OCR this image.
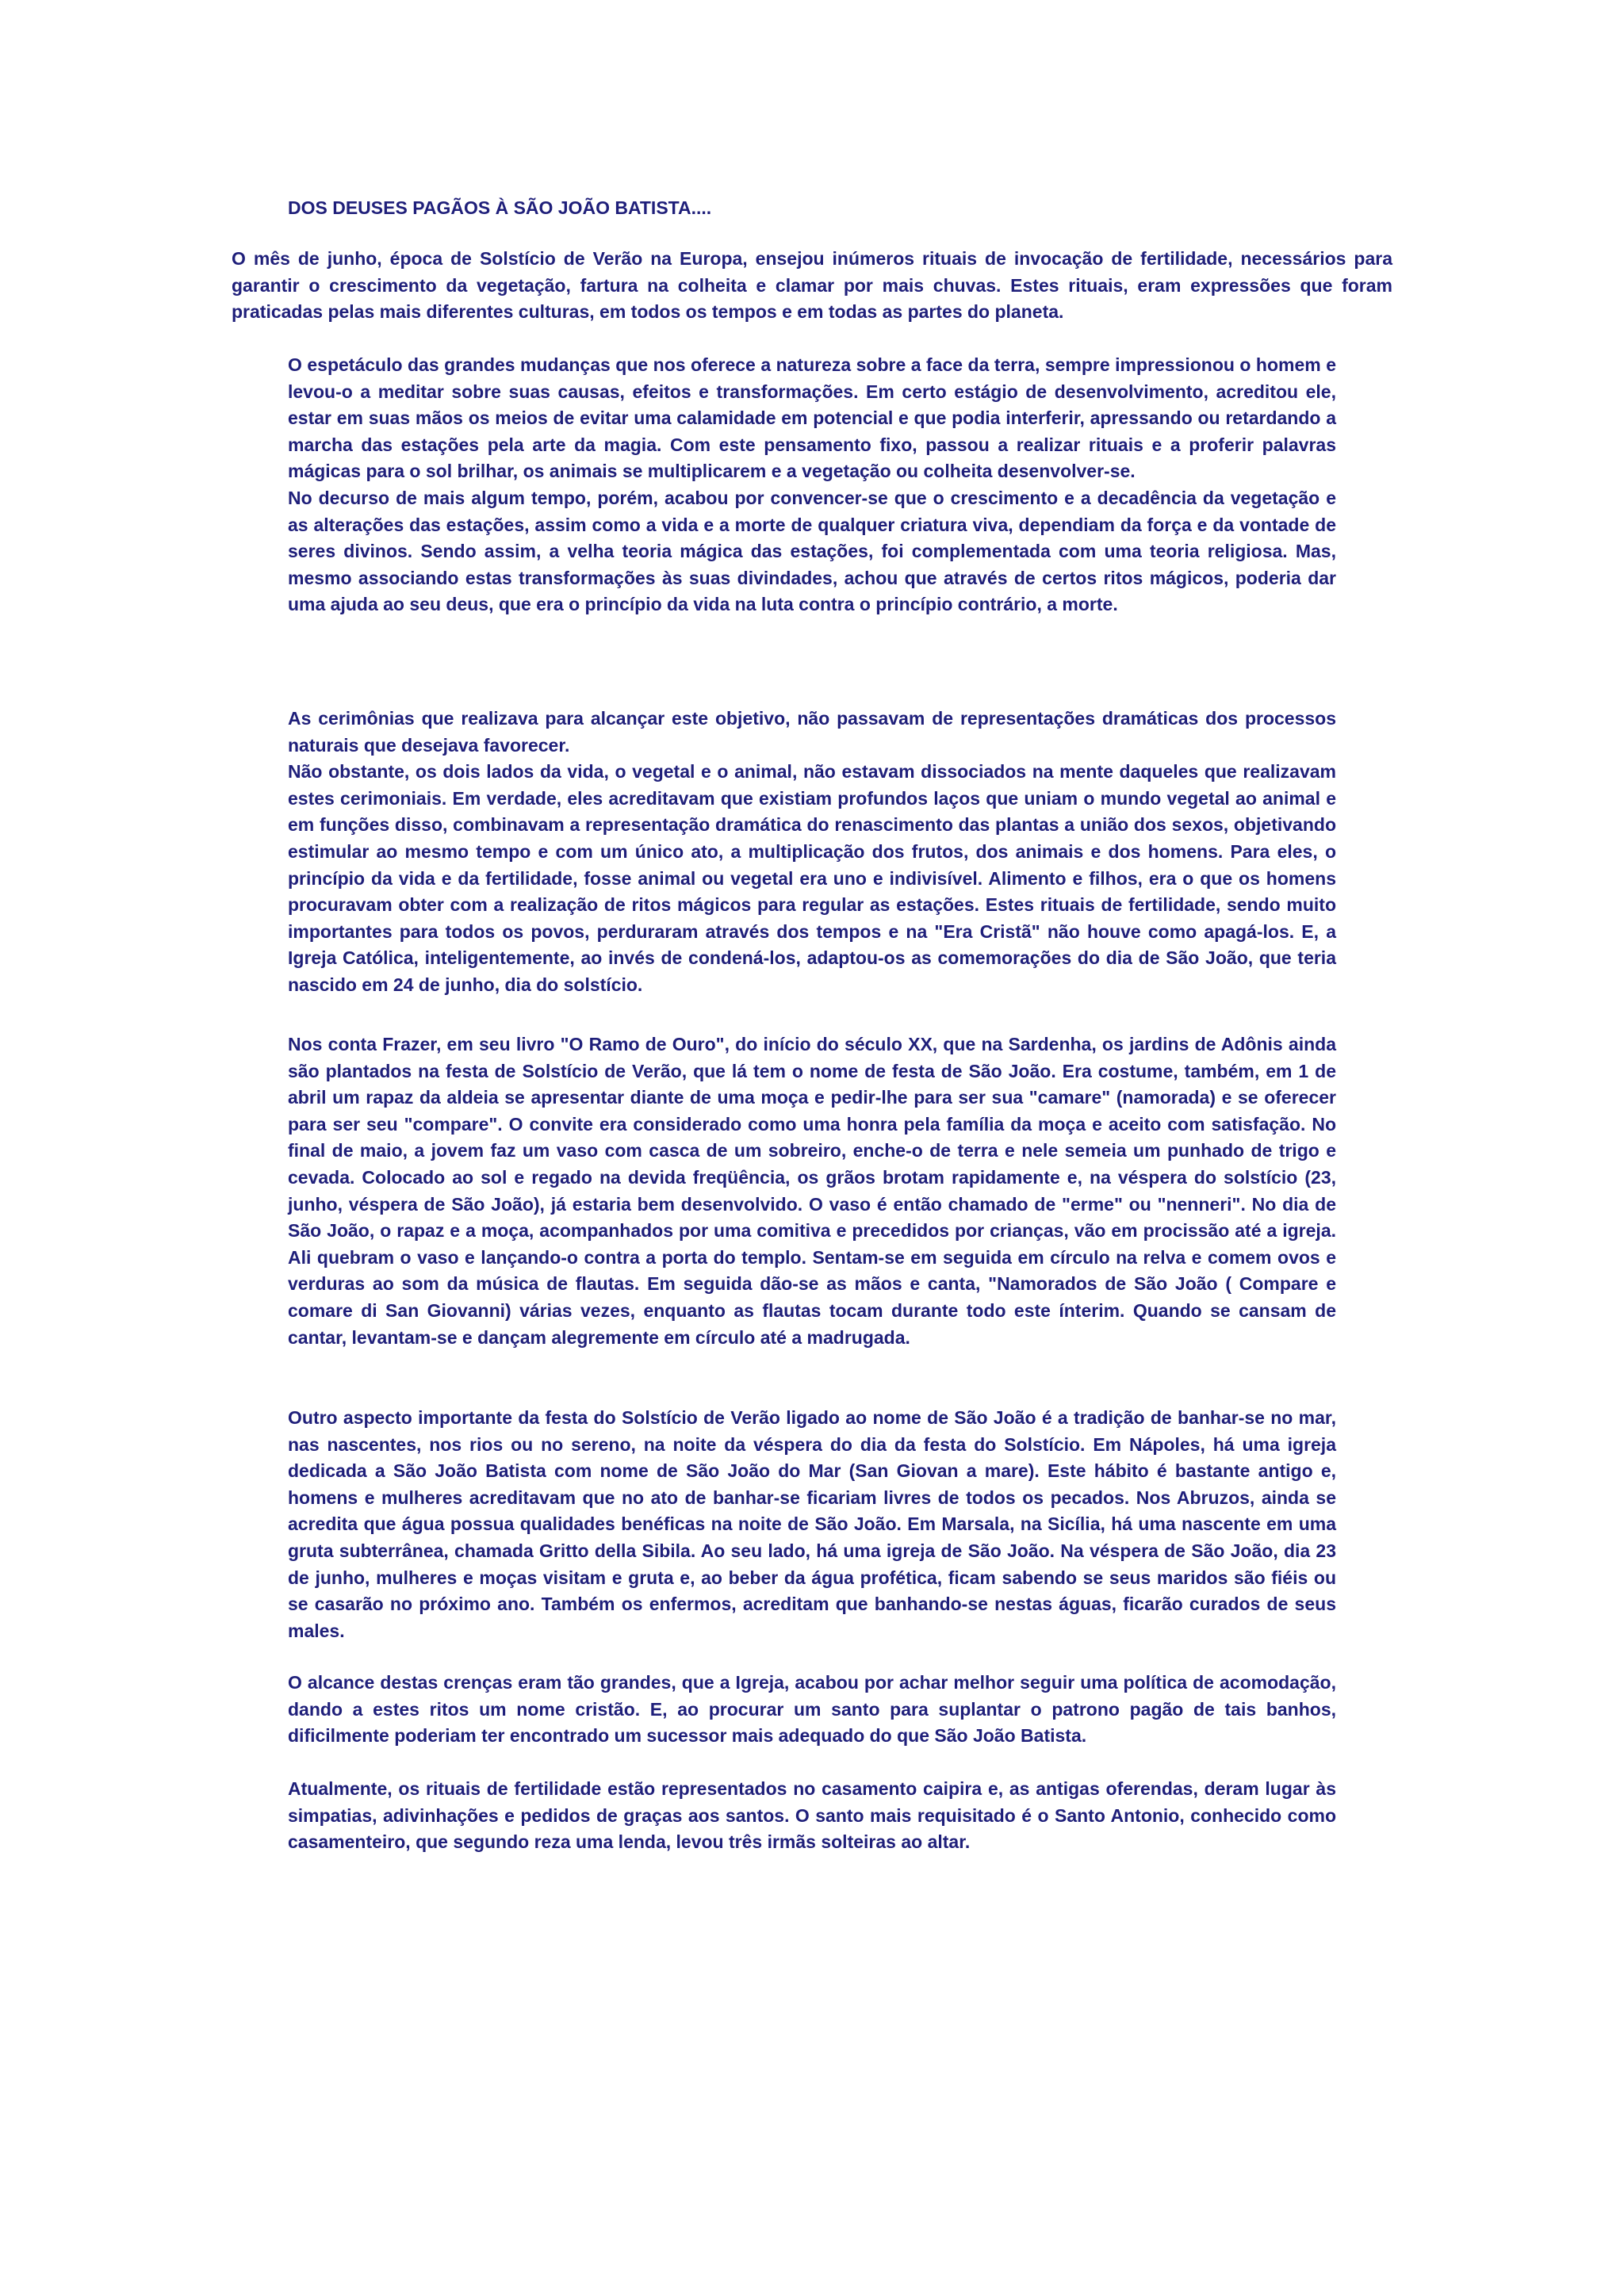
DOS DEUSES PAGÃOS À SÃO JOÃO BATISTA....

O mês de junho, época de Solstício de Verão na Europa, ensejou inúmeros rituais de invocação de fertilidade, necessários para garantir o crescimento da vegetação, fartura na colheita e clamar por mais chuvas. Estes rituais, eram expressões que foram praticadas pelas mais diferentes culturas, em todos os tempos e em todas as partes do planeta.

O espetáculo das grandes mudanças que nos oferece a natureza sobre a face da terra, sempre impressionou o homem e levou-o a meditar sobre suas causas, efeitos e transformações. Em certo estágio de desenvolvimento, acreditou ele, estar em suas mãos os meios de evitar uma calamidade em potencial e que podia interferir, apressando ou retardando a marcha das estações pela arte da magia. Com este pensamento fixo, passou a realizar rituais e a proferir palavras mágicas para o sol brilhar, os animais se multiplicarem e a vegetação ou colheita desenvolver-se.

No decurso de mais algum tempo, porém, acabou por convencer-se que o crescimento e a decadência da vegetação e as alterações das estações, assim como a vida e a morte de qualquer criatura viva, dependiam da força e da vontade de seres divinos. Sendo assim, a velha teoria mágica das estações, foi complementada com uma teoria religiosa. Mas, mesmo associando estas transformações às suas divindades, achou que através de certos ritos mágicos, poderia dar uma ajuda ao seu deus, que era o princípio da vida na luta contra o princípio contrário, a morte.

As cerimônias que realizava para alcançar este objetivo, não passavam de representações dramáticas dos processos naturais que desejava favorecer.

Não obstante, os dois lados da vida, o vegetal e o animal, não estavam dissociados na mente daqueles que realizavam estes cerimoniais. Em verdade, eles acreditavam que existiam profundos laços que uniam o mundo vegetal ao animal e em funções disso, combinavam a representação dramática do renascimento das plantas a união dos sexos, objetivando estimular ao mesmo tempo e com um único ato, a multiplicação dos frutos, dos animais e dos homens. Para eles, o princípio da vida e da fertilidade, fosse animal ou vegetal era uno e indivisível. Alimento e filhos, era o que os homens procuravam obter com a realização de ritos mágicos para regular as estações. Estes rituais de fertilidade, sendo muito importantes para todos os povos, perduraram através dos tempos e na "Era Cristã" não houve como apagá-los. E, a Igreja Católica, inteligentemente, ao invés de condená-los, adaptou-os as comemorações do dia de São João, que teria nascido em 24 de junho, dia do solstício.

Nos conta Frazer, em seu livro "O Ramo de Ouro", do início do século XX, que na Sardenha, os jardins de Adônis ainda são plantados na festa de Solstício de Verão, que lá tem o nome de festa de São João. Era costume, também, em 1 de abril um rapaz da aldeia se apresentar diante de uma moça e pedir-lhe para ser sua "camare" (namorada) e se oferecer para ser seu "compare". O convite era considerado como uma honra pela família da moça e aceito com satisfação. No final de maio, a jovem faz um vaso com casca de um sobreiro, enche-o de terra e nele semeia um punhado de trigo e cevada. Colocado ao sol e regado na devida freqüência, os grãos brotam rapidamente e, na véspera do solstício (23, junho, véspera de São João), já estaria bem desenvolvido. O vaso é então chamado de "erme" ou "nenneri". No dia de São João, o rapaz e a moça, acompanhados por uma comitiva e precedidos por crianças, vão em procissão até a igreja. Ali quebram o vaso e lançando-o contra a porta do templo. Sentam-se em seguida em círculo na relva e comem ovos e verduras ao som da música de flautas. Em seguida dão-se as mãos e canta, "Namorados de São João ( Compare e comare di San Giovanni) várias vezes, enquanto as flautas tocam durante todo este ínterim. Quando se cansam de cantar, levantam-se e dançam alegremente em círculo até a madrugada.

Outro aspecto importante da festa do Solstício de Verão ligado ao nome de São João é a tradição de banhar-se no mar, nas nascentes, nos rios ou no sereno, na noite da véspera do dia da festa do Solstício. Em Nápoles, há uma igreja dedicada a São João Batista com nome de São João do Mar (San Giovan a mare). Este hábito é bastante antigo e, homens e mulheres acreditavam que no ato de banhar-se ficariam livres de todos os pecados. Nos Abruzos, ainda se acredita que água possua qualidades benéficas na noite de São João. Em Marsala, na Sicília, há uma nascente em uma gruta subterrânea, chamada Gritto della Sibila. Ao seu lado, há uma igreja de São João. Na véspera de São João, dia 23 de junho, mulheres e moças visitam e gruta e, ao beber da água profética, ficam sabendo se seus maridos são fiéis ou se casarão no próximo ano. Também os enfermos, acreditam que banhando-se nestas águas, ficarão curados de seus males.

O alcance destas crenças eram tão grandes, que a Igreja, acabou por achar melhor seguir uma política de acomodação, dando a estes ritos um nome cristão. E, ao procurar um santo para suplantar o patrono pagão de tais banhos, dificilmente poderiam ter encontrado um sucessor mais adequado do que São João Batista.

Atualmente, os rituais de fertilidade estão representados no casamento caipira e, as antigas oferendas, deram lugar às simpatias, adivinhações e pedidos de graças aos santos. O santo mais requisitado é o Santo Antonio, conhecido como casamenteiro, que segundo reza uma lenda, levou três irmãs solteiras ao altar.
